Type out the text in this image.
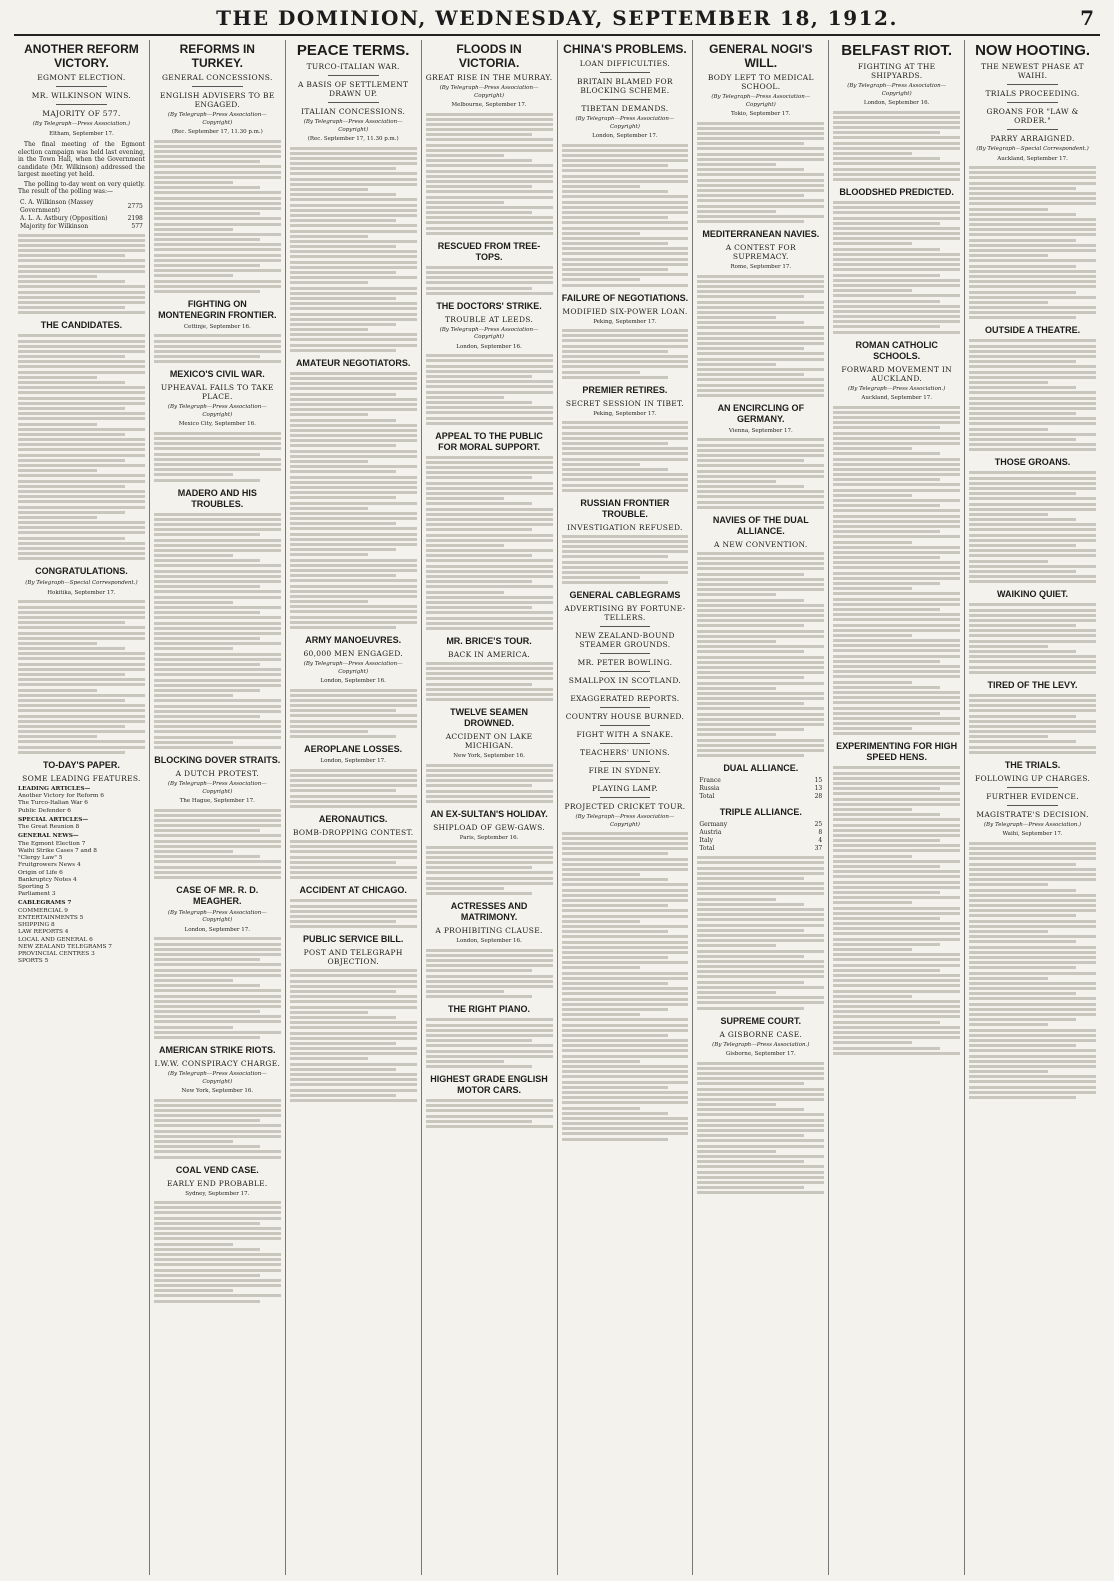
THE DOMINION, WEDNESDAY, SEPTEMBER 18, 1912.	7
ANOTHER REFORM VICTORY.
EGMONT ELECTION.
MR. WILKINSON WINS.
MAJORITY OF 577.
(By Telegraph—Press Association.)
Eltham, September 17.

The final meeting of the Egmont election campaign was held last evening, in the Town Hall, when the Government candidate (Mr. Wilkinson) addressed the largest meeting yet held.

The polling to-day went on very quietly. The result of the polling was:—

C. A. Wilkinson (Massey Government)	2775
A. L. A. Astbury (Opposition)	2198
Majority for Wilkinson	577
THE CANDIDATES.
CONGRATULATIONS.
(By Telegraph—Special Correspondent.)
Hokitika, September 17.
TO-DAY'S PAPER.
SOME LEADING FEATURES.
LEADING ARTICLES—
Another Victory for Reform 6
The Turco-Italian War 6
Public Defender 6
SPECIAL ARTICLES—
The Great Reunion 8
GENERAL NEWS—
The Egmont Election 7
Waihi Strike Cases 7 and 8
"Clergy Law" 5
Fruitgrowers News 4
Origin of Life 6
Bankruptcy Notes 4
Sporting 5
Parliament 3
CABLEGRAMS 7
COMMERCIAL 9
ENTERTAINMENTS 5
SHIPPING 8
LAW REPORTS 4
LOCAL AND GENERAL 6
NEW ZEALAND TELEGRAMS 7
PROVINCIAL CENTRES 3
SPORTS 5
REFORMS IN TURKEY.
GENERAL CONCESSIONS.
ENGLISH ADVISERS TO BE ENGAGED.
(By Telegraph—Press Association—Copyright)
(Rec. September 17, 11.30 p.m.)
FIGHTING ON MONTENEGRIN FRONTIER.
Cettinje, September 16.
MEXICO'S CIVIL WAR.
UPHEAVAL FAILS TO TAKE PLACE.
(By Telegraph—Press Association—Copyright)
Mexico City, September 16.
MADERO AND HIS TROUBLES.
BLOCKING DOVER STRAITS.
A DUTCH PROTEST.
(By Telegraph—Press Association—Copyright)
The Hague, September 17.
CASE OF MR. R. D. MEAGHER.
(By Telegraph—Press Association—Copyright)
London, September 17.
AMERICAN STRIKE RIOTS.
I.W.W. CONSPIRACY CHARGE.
(By Telegraph—Press Association—Copyright)
New York, September 16.
COAL VEND CASE.
EARLY END PROBABLE.
Sydney, September 17.
PEACE TERMS.
TURCO-ITALIAN WAR.
A BASIS OF SETTLEMENT DRAWN UP.
ITALIAN CONCESSIONS.
(By Telegraph—Press Association—Copyright)
(Rec. September 17, 11.30 p.m.)
AMATEUR NEGOTIATORS.
ARMY MANOEUVRES.
60,000 MEN ENGAGED.
(By Telegraph—Press Association—Copyright)
London, September 16.
AEROPLANE LOSSES.
London, September 17.
AERONAUTICS.
BOMB-DROPPING CONTEST.
ACCIDENT AT CHICAGO.
PUBLIC SERVICE BILL.
POST AND TELEGRAPH OBJECTION.
FLOODS IN VICTORIA.
GREAT RISE IN THE MURRAY.
(By Telegraph—Press Association—Copyright)
Melbourne, September 17.
RESCUED FROM TREE-TOPS.
THE DOCTORS' STRIKE.
TROUBLE AT LEEDS.
(By Telegraph—Press Association—Copyright)
London, September 16.
APPEAL TO THE PUBLIC FOR MORAL SUPPORT.
MR. BRICE'S TOUR.
BACK IN AMERICA.
TWELVE SEAMEN DROWNED.
ACCIDENT ON LAKE MICHIGAN.
New York, September 16.
AN EX-SULTAN'S HOLIDAY.
SHIPLOAD OF GEW-GAWS.
Paris, September 16.
ACTRESSES AND MATRIMONY.
A PROHIBITING CLAUSE.
London, September 16.
THE RIGHT PIANO.
HIGHEST GRADE ENGLISH MOTOR CARS.
CHINA'S PROBLEMS.
LOAN DIFFICULTIES.
BRITAIN BLAMED FOR BLOCKING SCHEME.
TIBETAN DEMANDS.
(By Telegraph—Press Association—Copyright)
London, September 17.
FAILURE OF NEGOTIATIONS.
MODIFIED SIX-POWER LOAN.
Peking, September 17.
PREMIER RETIRES.
SECRET SESSION IN TIBET.
Peking, September 17.
RUSSIAN FRONTIER TROUBLE.
INVESTIGATION REFUSED.
GENERAL CABLEGRAMS
ADVERTISING BY FORTUNE-TELLERS.
NEW ZEALAND-BOUND STEAMER GROUNDS.
MR. PETER BOWLING.
SMALLPOX IN SCOTLAND.
EXAGGERATED REPORTS.
COUNTRY HOUSE BURNED.
FIGHT WITH A SNAKE.
TEACHERS' UNIONS.
FIRE IN SYDNEY.
PLAYING LAMP.
PROJECTED CRICKET TOUR.
(By Telegraph—Press Association—Copyright)
GENERAL NOGI'S WILL.
BODY LEFT TO MEDICAL SCHOOL.
(By Telegraph—Press Association—Copyright)
Tokio, September 17.
MEDITERRANEAN NAVIES.
A CONTEST FOR SUPREMACY.
Rome, September 17.
AN ENCIRCLING OF GERMANY.
Vienna, September 17.
NAVIES OF THE DUAL ALLIANCE.
A NEW CONVENTION.
DUAL ALLIANCE.
France	15
Russia	13
Total	28
TRIPLE ALLIANCE.
Germany	25
Austria	8
Italy	4
Total	37
SUPREME COURT.
A GISBORNE CASE.
(By Telegraph—Press Association.)
Gisborne, September 17.
BELFAST RIOT.
FIGHTING AT THE SHIPYARDS.
(By Telegraph—Press Association—Copyright)
London, September 16.
BLOODSHED PREDICTED.
ROMAN CATHOLIC SCHOOLS.
FORWARD MOVEMENT IN AUCKLAND.
(By Telegraph—Press Association.)
Auckland, September 17.
EXPERIMENTING FOR HIGH SPEED HENS.
NOW HOOTING.
THE NEWEST PHASE AT WAIHI.
TRIALS PROCEEDING.
GROANS FOR "LAW & ORDER."
PARRY ARRAIGNED.
(By Telegraph—Special Correspondent.)
Auckland, September 17.
OUTSIDE A THEATRE.
THOSE GROANS.
WAIKINO QUIET.
TIRED OF THE LEVY.
THE TRIALS.
FOLLOWING UP CHARGES.
FURTHER EVIDENCE.
MAGISTRATE'S DECISION.
(By Telegraph—Press Association.)
Waihi, September 17.
